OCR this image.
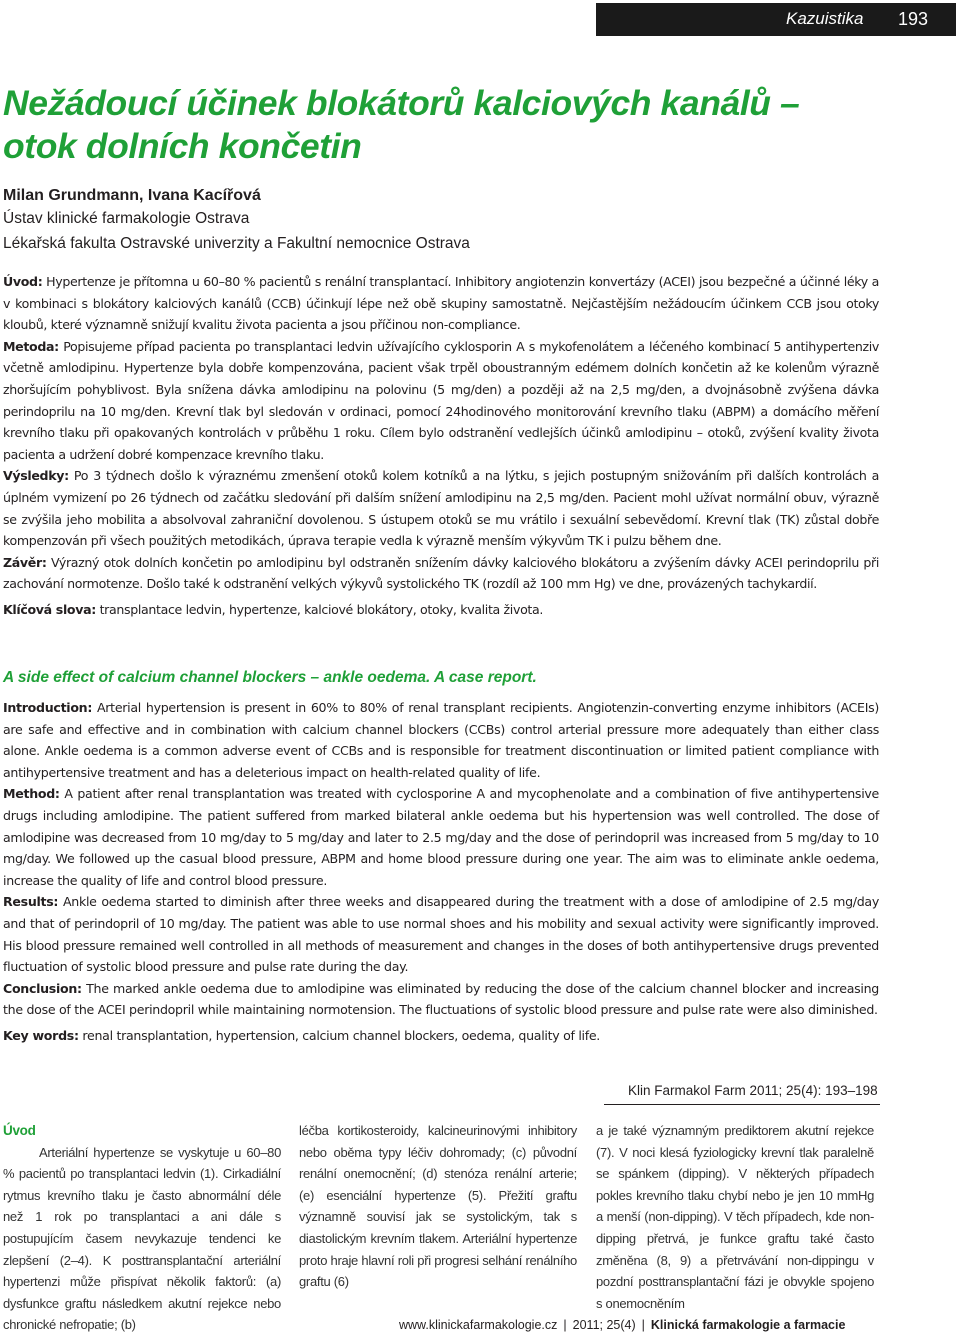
Kazuistika 193
Nežádoucí účinek blokátorů kalciových kanálů –
otok dolních končetin
Milan Grundmann, Ivana Kacířová
Ústav klinické farmakologie Ostrava
Lékařská fakulta Ostravské univerzity a Fakultní nemocnice Ostrava

Úvod: Hypertenze je přítomna u 60–80 % pacientů s renální transplantací. Inhibitory angiotenzin konvertázy (ACEI) jsou bezpečné a účinné léky a v kombinaci s blokátory kalciových kanálů (CCB) účinkují lépe než obě skupiny samostatně. Nejčastějším nežádoucím účinkem CCB jsou otoky kloubů, které významně snižují kvalitu života pacienta a jsou příčinou non-compliance.

Metoda: Popisujeme případ pacienta po transplantaci ledvin užívajícího cyklosporin A s mykofenolátem a léčeného kombinací 5 antihypertenziv včetně amlodipinu. Hypertenze byla dobře kompenzována, pacient však trpěl oboustranným edémem dolních končetin až ke kolenům výrazně zhoršujícím pohyblivost. Byla snížena dávka amlodipinu na polovinu (5 mg/den) a později až na 2,5 mg/den, a dvojnásobně zvýšena dávka perindoprilu na 10 mg/den. Krevní tlak byl sledován v ordinaci, pomocí 24hodinového monitorování krevního tlaku (ABPM) a domácího měření krevního tlaku při opakovaných kontrolách v průběhu 1 roku. Cílem bylo odstranění vedlejších účinků amlodipinu – otoků, zvýšení kvality života pacienta a udržení dobré kompenzace krevního tlaku.

Výsledky: Po 3 týdnech došlo k výraznému zmenšení otoků kolem kotníků a na lýtku, s jejich postupným snižováním při dalších kontrolách a úplném vymizení po 26 týdnech od začátku sledování při dalším snížení amlodipinu na 2,5 mg/den. Pacient mohl užívat normální obuv, výrazně se zvýšila jeho mobilita a absolvoval zahraniční dovolenou. S ústupem otoků se mu vrátilo i sexuální sebevědomí. Krevní tlak (TK) zůstal dobře kompenzován při všech použitých metodikách, úprava terapie vedla k výrazně menším výkyvům TK i pulzu během dne.

Závěr: Výrazný otok dolních končetin po amlodipinu byl odstraněn snížením dávky kalciového blokátoru a zvýšením dávky ACEI perindoprilu při zachování normotenze. Došlo také k odstranění velkých výkyvů systolického TK (rozdíl až 100 mm Hg) ve dne, provázených tachykardií.

Klíčová slova: transplantace ledvin, hypertenze, kalciové blokátory, otoky, kvalita života.

A side effect of calcium channel blockers – ankle oedema. A case report.

Introduction: Arterial hypertension is present in 60% to 80% of renal transplant recipients. Angiotenzin-converting enzyme inhibitors (ACEIs) are safe and effective and in combination with calcium channel blockers (CCBs) control arterial pressure more adequately than either class alone. Ankle oedema is a common adverse event of CCBs and is responsible for treatment discontinuation or limited patient compliance with antihypertensive treatment and has a deleterious impact on health-related quality of life.

Method: A patient after renal transplantation was treated with cyclosporine A and mycophenolate and a combination of five antihypertensive drugs including amlodipine. The patient suffered from marked bilateral ankle oedema but his hypertension was well controlled. The dose of amlodipine was decreased from 10 mg/day to 5 mg/day and later to 2.5 mg/day and the dose of perindopril was increased from 5 mg/day to 10 mg/day. We followed up the casual blood pressure, ABPM and home blood pressure during one year. The aim was to eliminate ankle oedema, increase the quality of life and control blood pressure.

Results: Ankle oedema started to diminish after three weeks and disappeared during the treatment with a dose of amlodipine of 2.5 mg/day and that of perindopril of 10 mg/day. The patient was able to use normal shoes and his mobility and sexual activity were significantly improved. His blood pressure remained well controlled in all methods of measurement and changes in the doses of both antihypertensive drugs prevented fluctuation of systolic blood pressure and pulse rate during the day.

Conclusion: The marked ankle oedema due to amlodipine was eliminated by reducing the dose of the calcium channel blocker and increasing the dose of the ACEI perindopril while maintaining normotension. The fluctuations of systolic blood pressure and pulse rate were also diminished.

Key words: renal transplantation, hypertension, calcium channel blockers, oedema, quality of life.

Klin Farmakol Farm 2011; 25(4): 193–198
Úvod

Arteriální hypertenze se vyskytuje u 60–80 % pacientů po transplantaci ledvin (1). Cirkadiální rytmus krevního tlaku je často abnormální déle než 1 rok po transplantaci a ani dále s postupujícím časem nevykazuje tendenci ke zlepšení (2–4). K posttransplantační arteriální hypertenzi může přispívat několik faktorů: (a) dysfunkce graftu následkem akutní rejekce nebo chronické nefropatie; (b)

léčba kortikosteroidy, kalcineurinovými inhibitory nebo oběma typy léčiv dohromady; (c) původní renální onemocnění; (d) stenóza renální arterie; (e) esenciální hypertenze (5). Přežití graftu významně souvisí jak se systolickým, tak s diastolickým krevním tlakem. Arteriální hypertenze proto hraje hlavní roli při progresi selhání renálního graftu (6)

a je také významným prediktorem akutní rejekce (7). V noci klesá fyziologicky krevní tlak paralelně se spánkem (dipping). V některých případech pokles krevního tlaku chybí nebo je jen 10 mmHg a menší (non-dipping). V těch případech, kde non-dipping přetrvá, je funkce graftu také často změněna (8, 9) a přetrvávání non-dippingu v pozdní posttransplantační fázi je obvykle spojeno s onemocněním

www.klinickafarmakologie.cz | 2011; 25(4) | Klinická farmakologie a farmacie
